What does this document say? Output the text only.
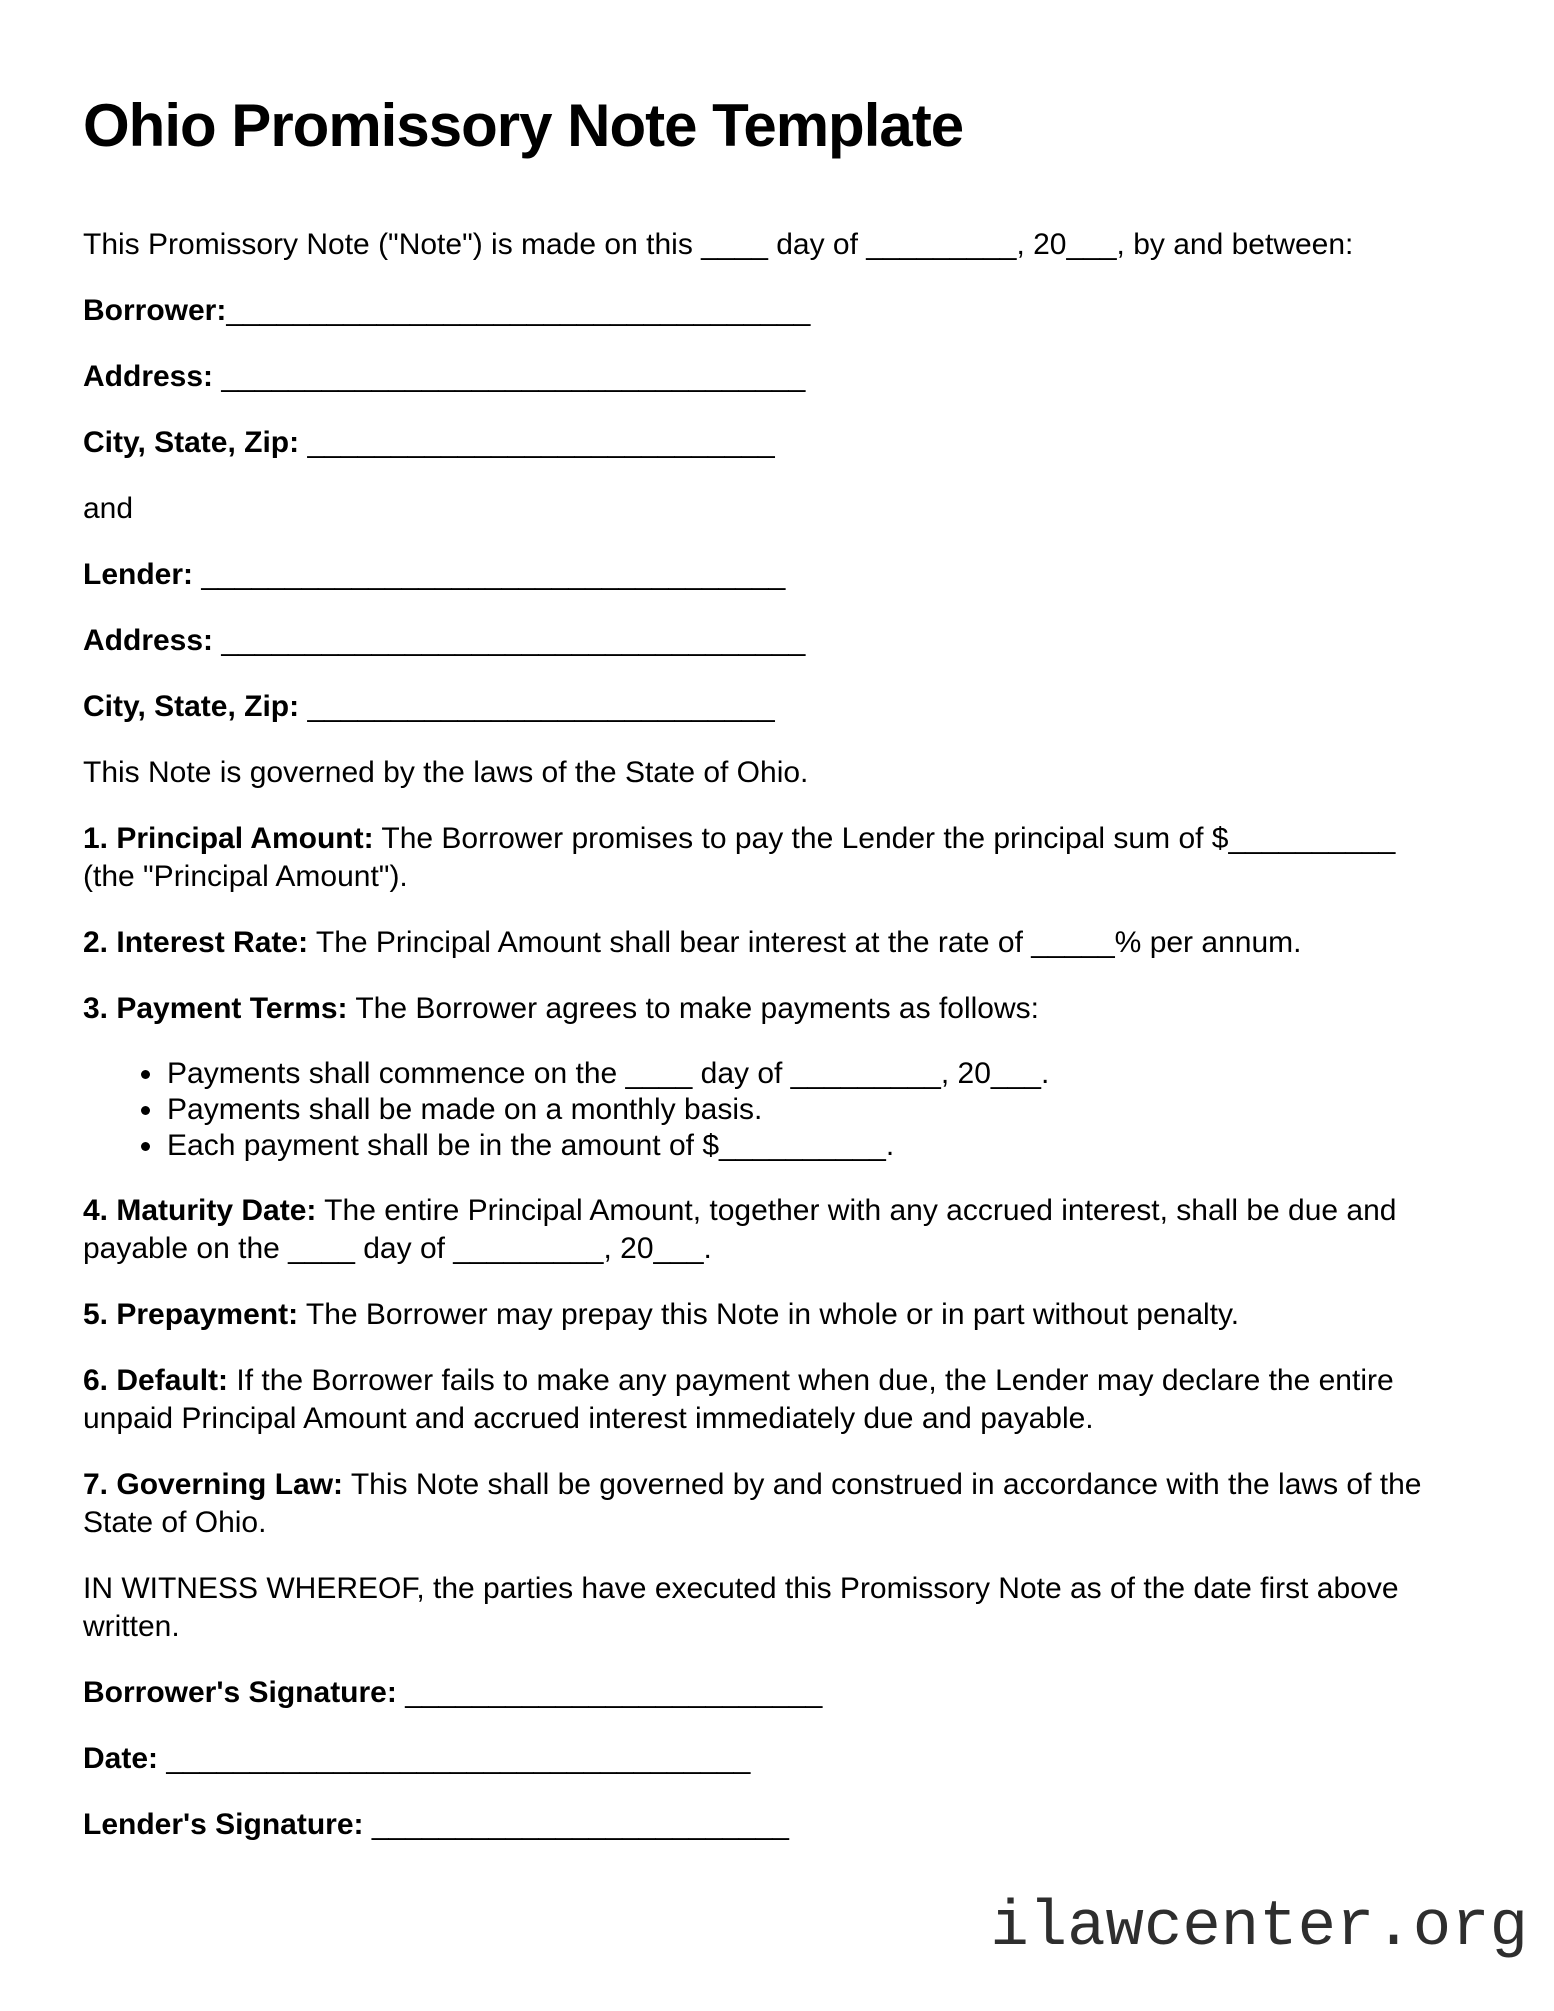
Ohio Promissory Note Template

This Promissory Note ("Note") is made on this ____ day of _________, 20___, by and between:

Borrower:___________________________________

Address: ___________________________________

City, State, Zip: ____________________________

and

Lender: ___________________________________

Address: ___________________________________

City, State, Zip: ____________________________

This Note is governed by the laws of the State of Ohio.

1. Principal Amount: The Borrower promises to pay the Lender the principal sum of $__________ (the "Principal Amount").

2. Interest Rate: The Principal Amount shall bear interest at the rate of _____% per annum.

3. Payment Terms: The Borrower agrees to make payments as follows:

• Payments shall commence on the ____ day of _________, 20___.
• Payments shall be made on a monthly basis.
• Each payment shall be in the amount of $__________.

4. Maturity Date: The entire Principal Amount, together with any accrued interest, shall be due and payable on the ____ day of _________, 20___.

5. Prepayment: The Borrower may prepay this Note in whole or in part without penalty.

6. Default: If the Borrower fails to make any payment when due, the Lender may declare the entire unpaid Principal Amount and accrued interest immediately due and payable.

7. Governing Law: This Note shall be governed by and construed in accordance with the laws of the State of Ohio.

IN WITNESS WHEREOF, the parties have executed this Promissory Note as of the date first above written.

Borrower's Signature: _________________________

Date: ___________________________________

Lender's Signature: _________________________

ilawcenter.org
